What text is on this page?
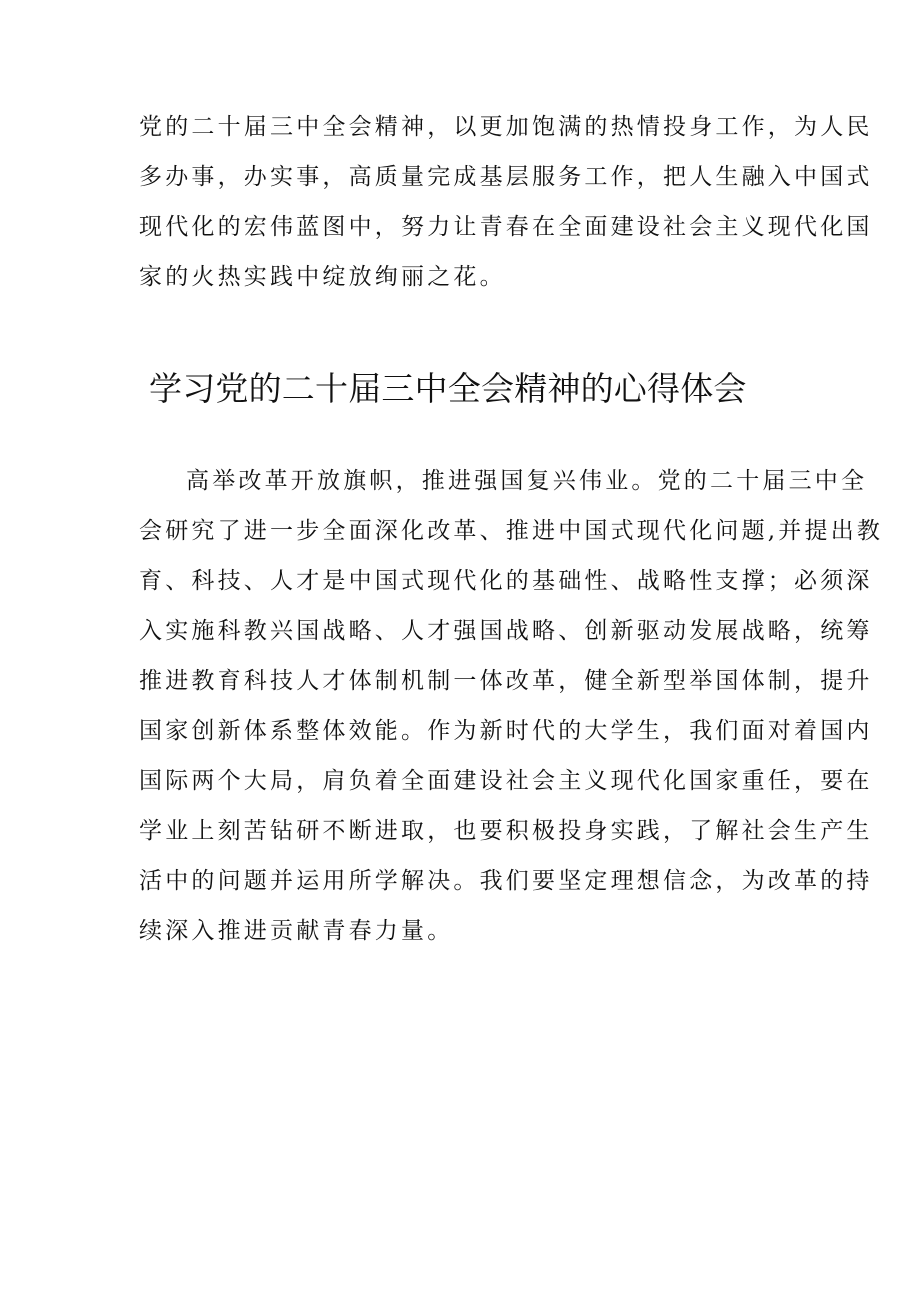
党的二十届三中全会精神，以更加饱满的热情投身工作，为人民
多办事，办实事，高质量完成基层服务工作，把人生融入中国式
现代化的宏伟蓝图中，努力让青春在全面建设社会主义现代化国
家的火热实践中绽放绚丽之花。
学习党的二十届三中全会精神的心得体会
高举改革开放旗帜，推进强国复兴伟业。党的二十届三中全
会研究了进一步全面深化改革、推进中国式现代化问题,并提出教
育、科技、人才是中国式现代化的基础性、战略性支撑；必须深
入实施科教兴国战略、人才强国战略、创新驱动发展战略，统筹
推进教育科技人才体制机制一体改革，健全新型举国体制，提升
国家创新体系整体效能。作为新时代的大学生，我们面对着国内
国际两个大局，肩负着全面建设社会主义现代化国家重任，要在
学业上刻苦钻研不断进取，也要积极投身实践，了解社会生产生
活中的问题并运用所学解决。我们要坚定理想信念，为改革的持
续深入推进贡献青春力量。
